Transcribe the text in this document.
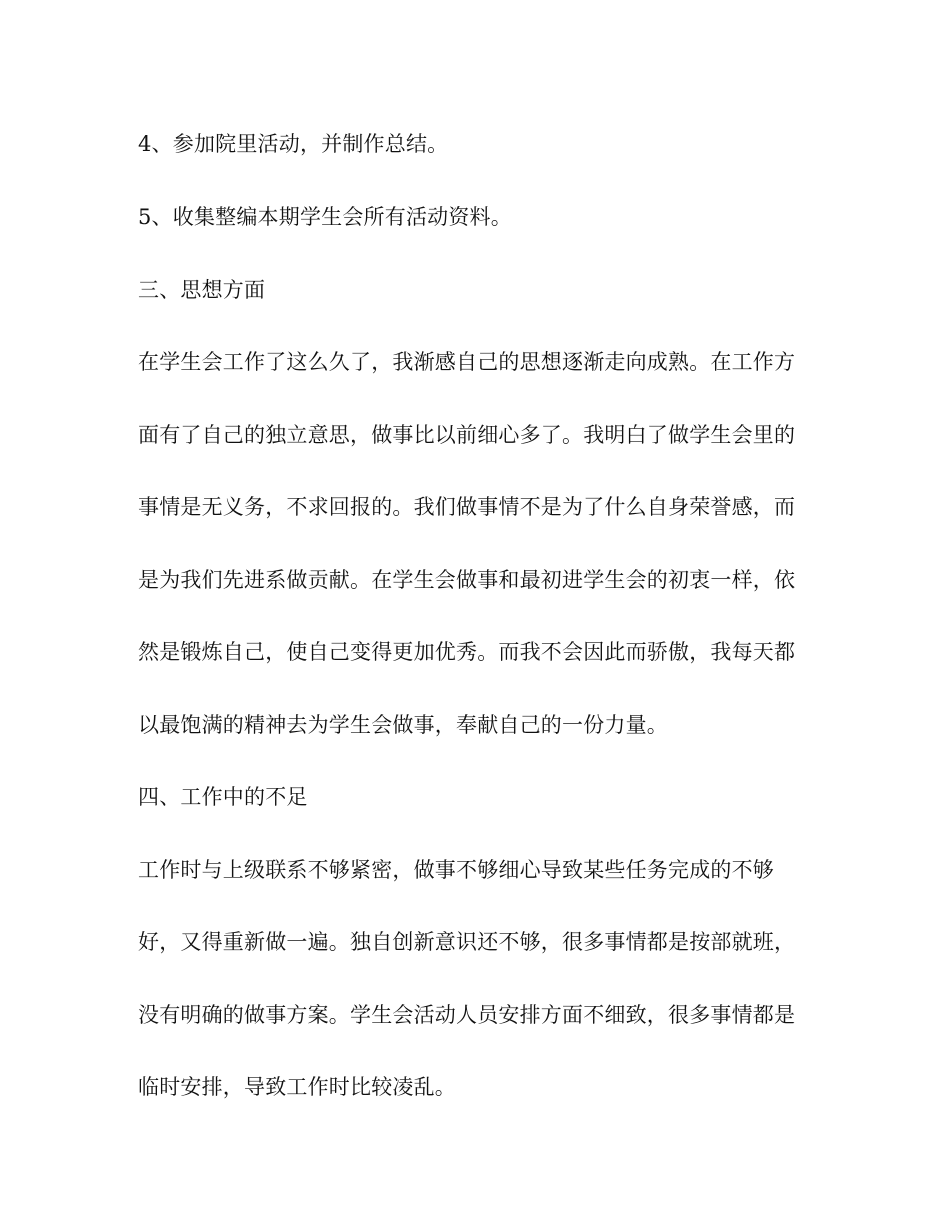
4、参加院里活动，并制作总结。
5、收集整编本期学生会所有活动资料。
三、思想方面
在学生会工作了这么久了，我渐感自己的思想逐渐走向成熟。在工作方
面有了自己的独立意思，做事比以前细心多了。我明白了做学生会里的
事情是无义务，不求回报的。我们做事情不是为了什么自身荣誉感，而
是为我们先进系做贡献。在学生会做事和最初进学生会的初衷一样，依
然是锻炼自己，使自己变得更加优秀。而我不会因此而骄傲，我每天都
以最饱满的精神去为学生会做事，奉献自己的一份力量。
四、工作中的不足
工作时与上级联系不够紧密，做事不够细心导致某些任务完成的不够
好，又得重新做一遍。独自创新意识还不够，很多事情都是按部就班，
没有明确的做事方案。学生会活动人员安排方面不细致，很多事情都是
临时安排，导致工作时比较凌乱。
